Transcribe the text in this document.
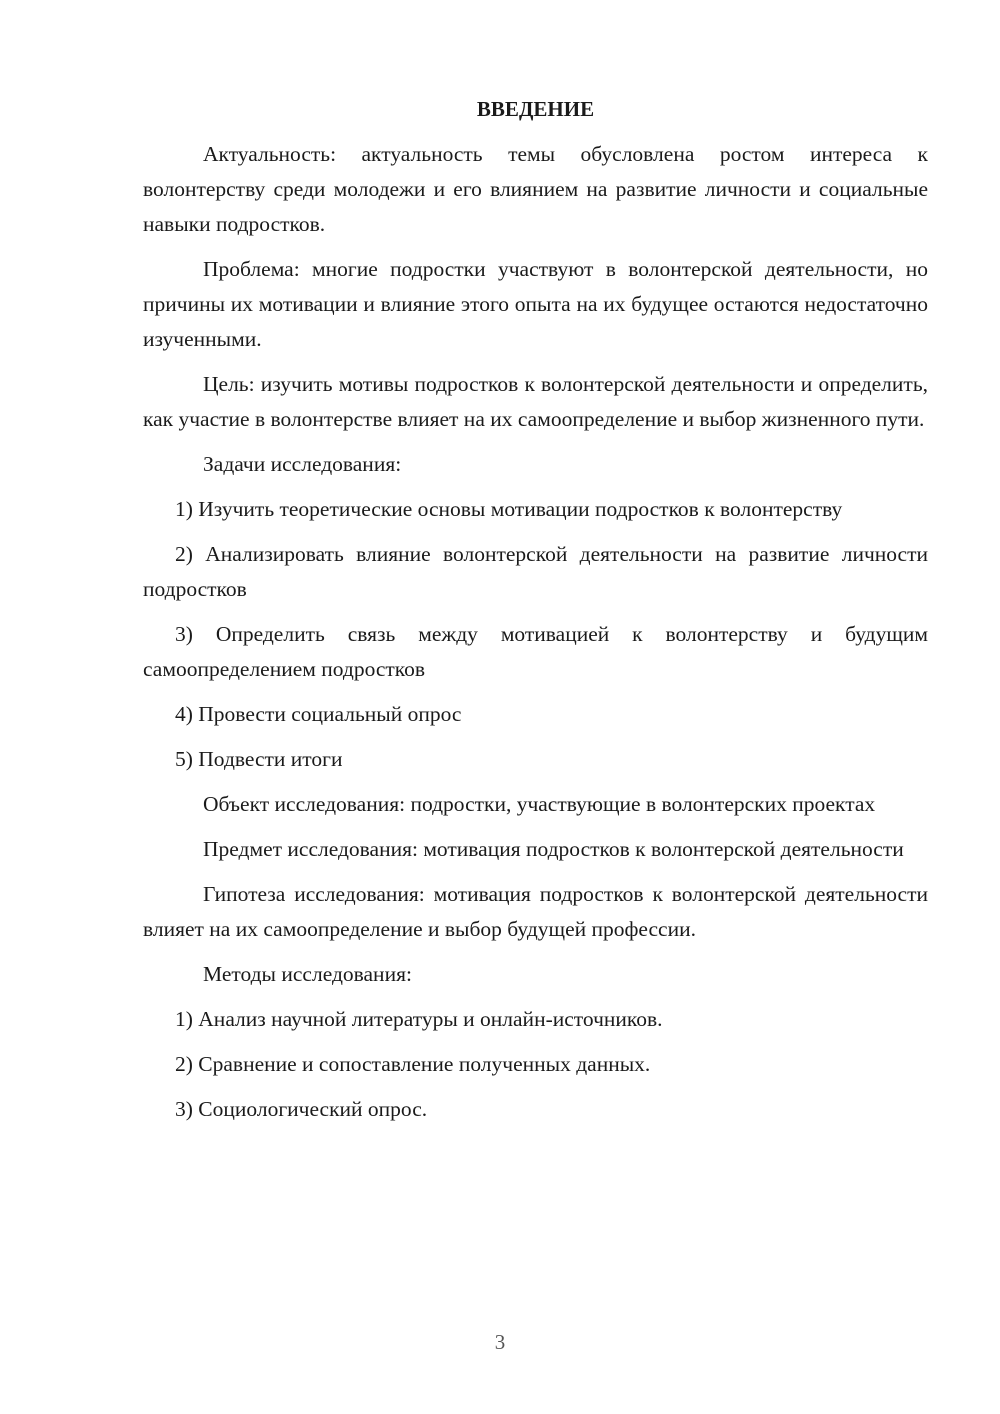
ВВЕДЕНИЕ

Актуальность: актуальность темы обусловлена ростом интереса к волонтерству среди молодежи и его влиянием на развитие личности и социальные навыки подростков.

Проблема: многие подростки участвуют в волонтерской деятельности, но причины их мотивации и влияние этого опыта на их будущее остаются недостаточно изученными.

Цель: изучить мотивы подростков к волонтерской деятельности и определить, как участие в волонтерстве влияет на их самоопределение и выбор жизненного пути.

Задачи исследования:

1) Изучить теоретические основы мотивации подростков к волонтерству

2) Анализировать влияние волонтерской деятельности на развитие личности подростков

3) Определить связь между мотивацией к волонтерству и будущим самоопределением подростков

4) Провести социальный опрос

5) Подвести итоги

Объект исследования: подростки, участвующие в волонтерских проектах

Предмет исследования: мотивация подростков к волонтерской деятельности

Гипотеза исследования: мотивация подростков к волонтерской деятельности влияет на их самоопределение и выбор будущей профессии.

Методы исследования:

1) Анализ научной литературы и онлайн-источников.

2) Сравнение и сопоставление полученных данных.

3) Социологический опрос.

3
